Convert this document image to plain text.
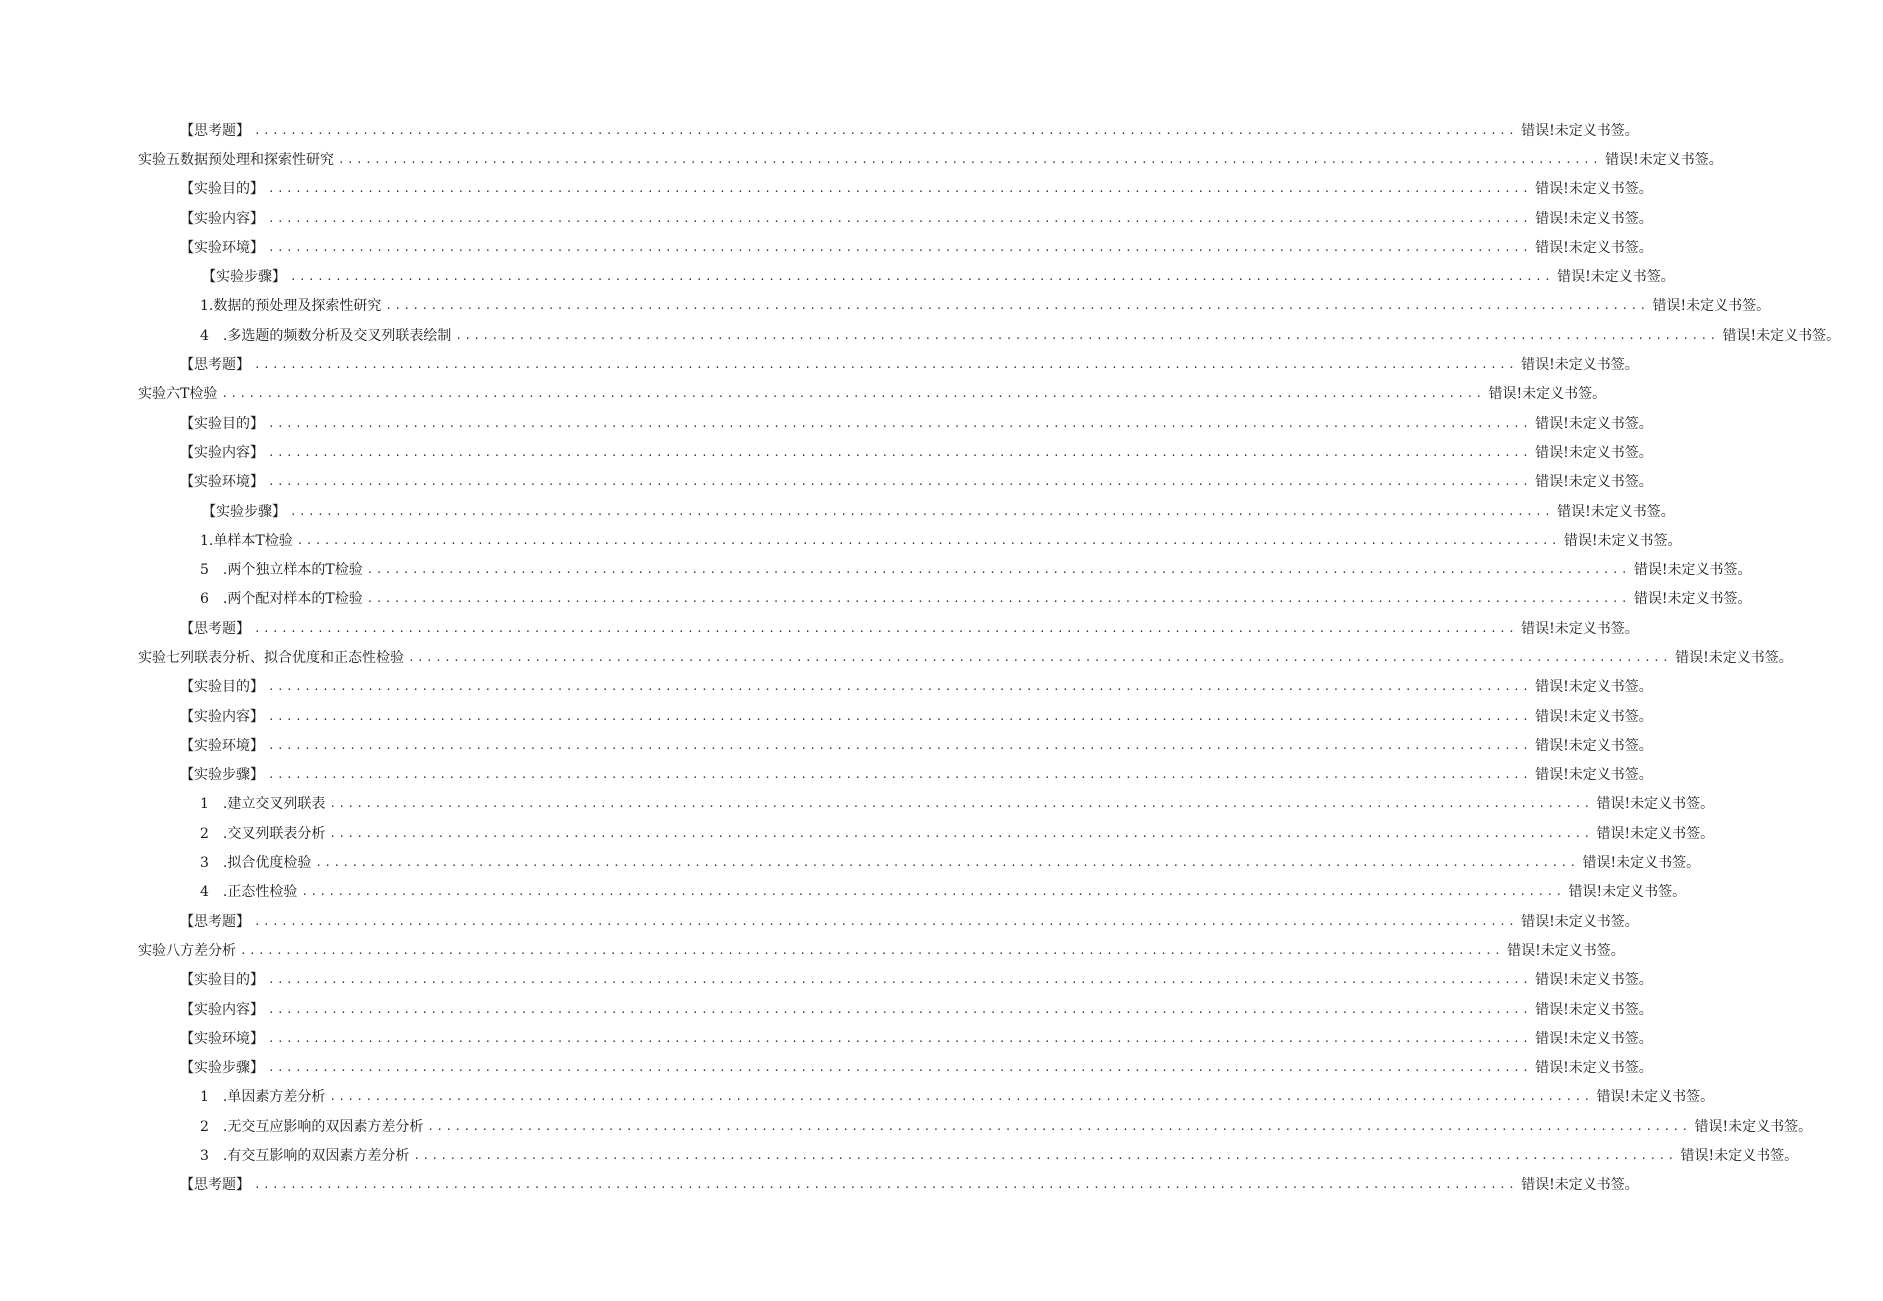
【思考题】 ............................................................................................................................................ 错误!未定义书签。
实验五数据预处理和探索性研究 ............................................................................................................................................ 错误!未定义书签。
【实验目的】 ............................................................................................................................................ 错误!未定义书签。
【实验内容】 ............................................................................................................................................ 错误!未定义书签。
【实验环境】 ............................................................................................................................................ 错误!未定义书签。
【实验步骤】 ............................................................................................................................................ 错误!未定义书签。
1.数据的预处理及探索性研究 ............................................................................................................................................ 错误!未定义书签。
4　.多选题的频数分析及交叉列联表绘制 ............................................................................................................................................ 错误!未定义书签。
【思考题】 ............................................................................................................................................ 错误!未定义书签。
实验六T检验 ............................................................................................................................................ 错误!未定义书签。
【实验目的】 ............................................................................................................................................ 错误!未定义书签。
【实验内容】 ............................................................................................................................................ 错误!未定义书签。
【实验环境】 ............................................................................................................................................ 错误!未定义书签。
【实验步骤】 ............................................................................................................................................ 错误!未定义书签。
1.单样本T检验 ............................................................................................................................................ 错误!未定义书签。
5　.两个独立样本的T检验 ............................................................................................................................................ 错误!未定义书签。
6　.两个配对样本的T检验 ............................................................................................................................................ 错误!未定义书签。
【思考题】 ............................................................................................................................................ 错误!未定义书签。
实验七列联表分析、拟合优度和正态性检验 ............................................................................................................................................ 错误!未定义书签。
【实验目的】 ............................................................................................................................................ 错误!未定义书签。
【实验内容】 ............................................................................................................................................ 错误!未定义书签。
【实验环境】 ............................................................................................................................................ 错误!未定义书签。
【实验步骤】 ............................................................................................................................................ 错误!未定义书签。
1　.建立交叉列联表 ............................................................................................................................................ 错误!未定义书签。
2　.交叉列联表分析 ............................................................................................................................................ 错误!未定义书签。
3　.拟合优度检验 ............................................................................................................................................ 错误!未定义书签。
4　.正态性检验 ............................................................................................................................................ 错误!未定义书签。
【思考题】 ............................................................................................................................................ 错误!未定义书签。
实验八方差分析 ............................................................................................................................................ 错误!未定义书签。
【实验目的】 ............................................................................................................................................ 错误!未定义书签。
【实验内容】 ............................................................................................................................................ 错误!未定义书签。
【实验环境】 ............................................................................................................................................ 错误!未定义书签。
【实验步骤】 ............................................................................................................................................ 错误!未定义书签。
1　.单因素方差分析 ............................................................................................................................................ 错误!未定义书签。
2　.无交互应影响的双因素方差分析 ............................................................................................................................................ 错误!未定义书签。
3　.有交互影响的双因素方差分析 ............................................................................................................................................ 错误!未定义书签。
【思考题】 ............................................................................................................................................ 错误!未定义书签。
